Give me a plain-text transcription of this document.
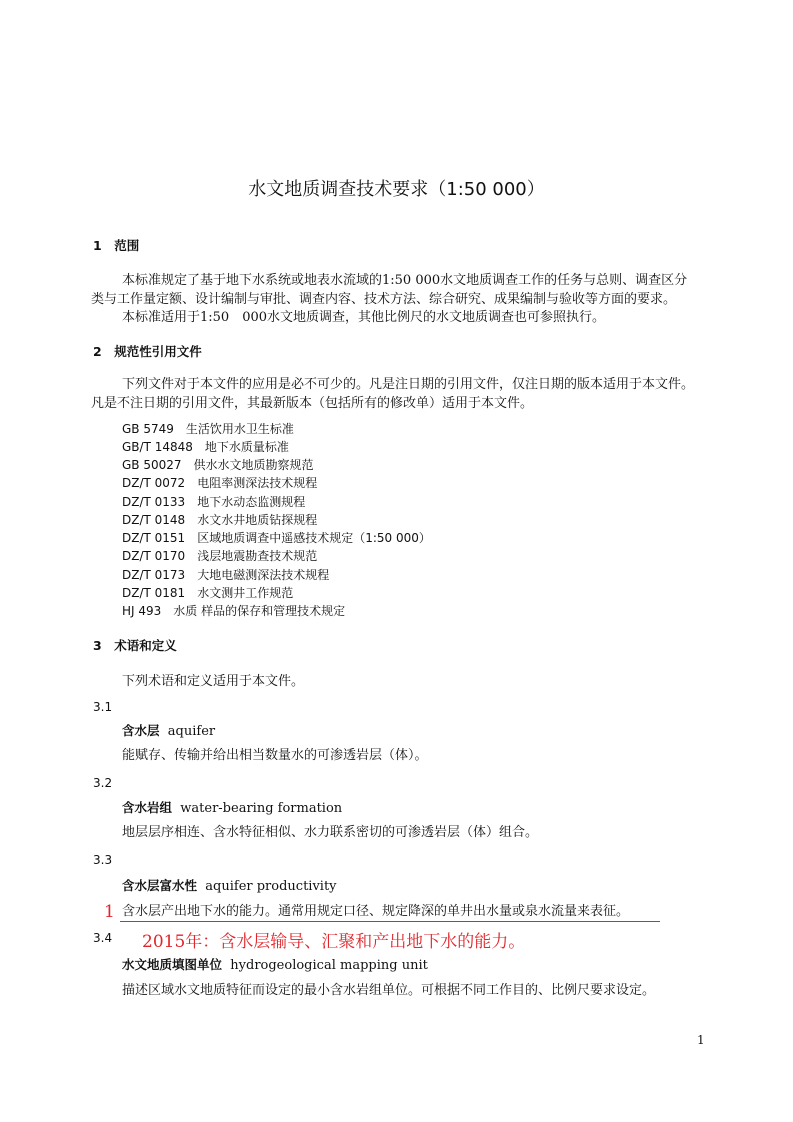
水文地质调查技术要求（1:50 000）
1　范围
本标准规定了基于地下水系统或地表水流域的1:50 000水文地质调查工作的任务与总则、调查区分
类与工作量定额、设计编制与审批、调查内容、技术方法、综合研究、成果编制与验收等方面的要求。
本标准适用于1:50　000水文地质调查，其他比例尺的水文地质调查也可参照执行。
2　规范性引用文件
下列文件对于本文件的应用是必不可少的。凡是注日期的引用文件，仅注日期的版本适用于本文件。
凡是不注日期的引用文件，其最新版本（包括所有的修改单）适用于本文件。
GB 5749　生活饮用水卫生标准
GB/T 14848　地下水质量标准
GB 50027　供水水文地质勘察规范
DZ/T 0072　电阻率测深法技术规程
DZ/T 0133　地下水动态监测规程
DZ/T 0148　水文水井地质钻探规程
DZ/T 0151　区域地质调查中遥感技术规定（1:50 000）
DZ/T 0170　浅层地震勘查技术规范
DZ/T 0173　大地电磁测深法技术规程
DZ/T 0181　水文测井工作规范
HJ 493　水质 样品的保存和管理技术规定
3　术语和定义
下列术语和定义适用于本文件。
3.1
含水层 aquifer
能赋存、传输并给出相当数量水的可渗透岩层（体）。
3.2
含水岩组 water-bearing formation
地层层序相连、含水特征相似、水力联系密切的可渗透岩层（体）组合。
3.3
含水层富水性 aquifer productivity
1 含水层产出地下水的能力。通常用规定口径、规定降深的单井出水量或泉水流量来表征。
3.4 2015年：含水层输导、汇聚和产出地下水的能力。
水文地质填图单位 hydrogeological mapping unit
描述区域水文地质特征而设定的最小含水岩组单位。可根据不同工作目的、比例尺要求设定。
1
